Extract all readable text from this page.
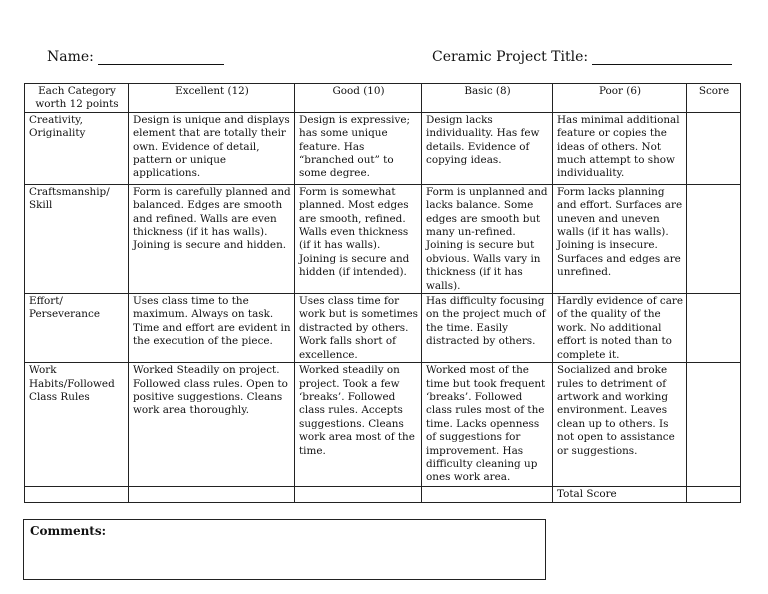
Name:	Ceramic Project Title:
Each Category worth 12 points	Excellent (12)	Good (10)	Basic (8)	Poor (6)	Score
Creativity, Originality	Design is unique and displays element that are totally their own. Evidence of detail, pattern or unique applications.	Design is expressive; has some unique feature. Has “branched out” to some degree.	Design lacks individuality. Has few details. Evidence of copying ideas.	Has minimal additional feature or copies the ideas of others. Not much attempt to show individuality.	
Craftsmanship/ Skill	Form is carefully planned and balanced. Edges are smooth and refined. Walls are even thickness (if it has walls). Joining is secure and hidden.	Form is somewhat planned. Most edges are smooth, refined. Walls even thickness (if it has walls). Joining is secure and hidden (if intended).	Form is unplanned and lacks balance. Some edges are smooth but many un-refined. Joining is secure but obvious. Walls vary in thickness (if it has walls).	Form lacks planning and effort. Surfaces are uneven and uneven walls (if it has walls). Joining is insecure. Surfaces and edges are unrefined.	
Effort/ Perseverance	Uses class time to the maximum. Always on task. Time and effort are evident in the execution of the piece.	Uses class time for work but is sometimes distracted by others. Work falls short of excellence.	Has difficulty focusing on the project much of the time. Easily distracted by others.	Hardly evidence of care of the quality of the work. No additional effort is noted than to complete it.	
Work Habits/Followed Class Rules	Worked Steadily on project. Followed class rules. Open to positive suggestions. Cleans work area thoroughly.	Worked steadily on project. Took a few ‘breaks’. Followed class rules. Accepts suggestions. Cleans work area most of the time.	Worked most of the time but took frequent ‘breaks’. Followed class rules most of the time. Lacks openness of suggestions for improvement. Has difficulty cleaning up ones work area.	Socialized and broke rules to detriment of artwork and working environment. Leaves clean up to others. Is not open to assistance or suggestions.	
				Total Score	
Comments:
